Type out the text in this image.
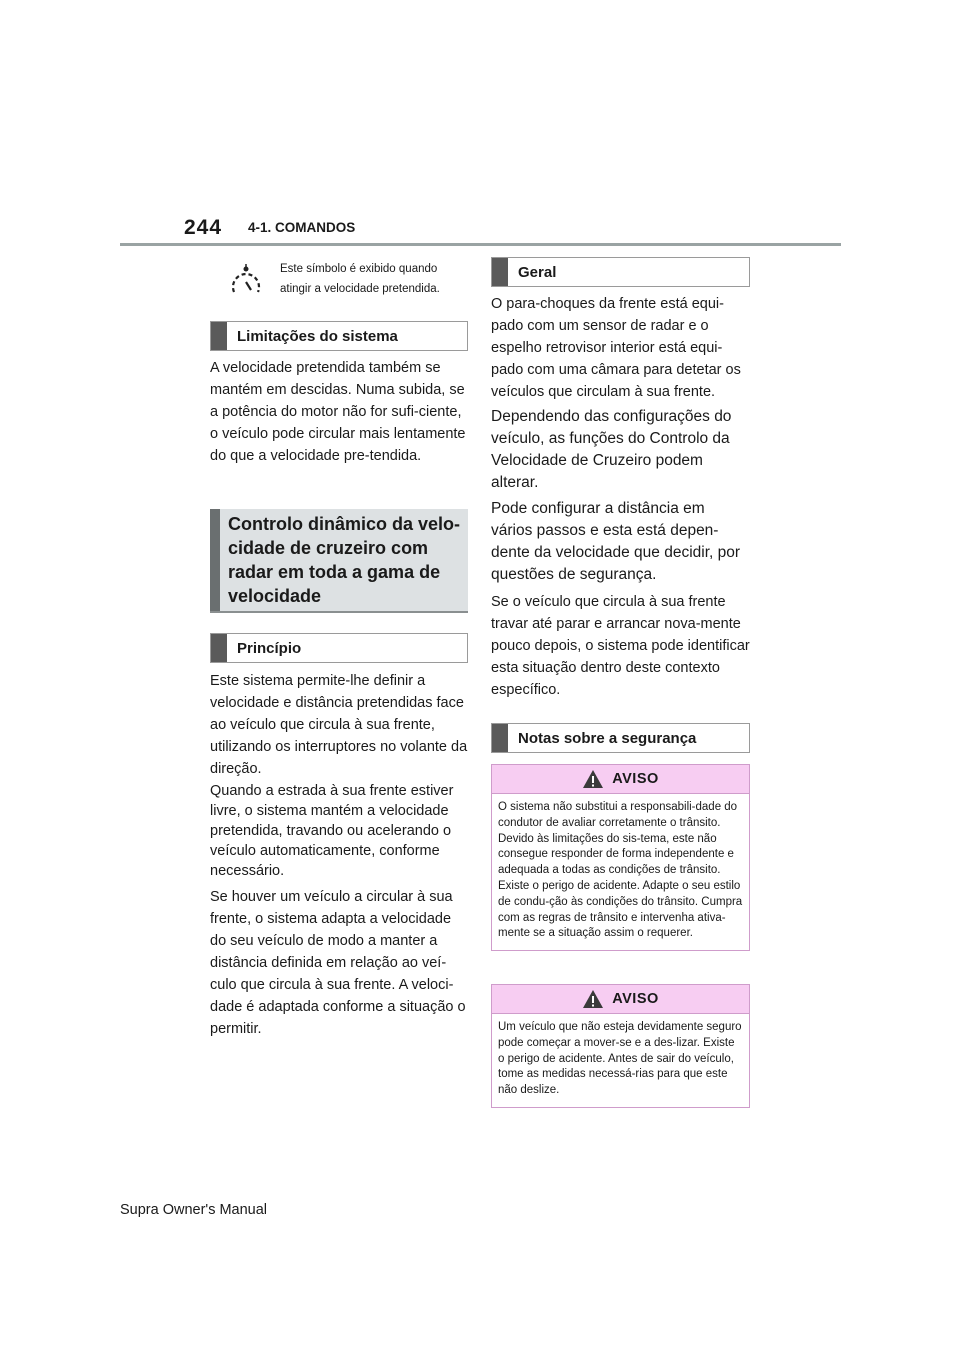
244 4-1. COMANDOS
Este símbolo é exibido quando atingir a velocidade pretendida.
Limitações do sistema
A velocidade pretendida também se mantém em descidas. Numa subida, se a potência do motor não for sufi-ciente, o veículo pode circular mais lentamente do que a velocidade pre-tendida.
Controlo dinâmico da velo-cidade de cruzeiro com radar em toda a gama de velocidade
Princípio
Este sistema permite-lhe definir a velocidade e distância pretendidas face ao veículo que circula à sua frente, utilizando os interruptores no volante da direção.
Quando a estrada à sua frente estiver livre, o sistema mantém a velocidade pretendida, travando ou acelerando o veículo automaticamente, conforme necessário.
Se houver um veículo a circular à sua frente, o sistema adapta a velocidade do seu veículo de modo a manter a distância definida em relação ao veí-culo que circula à sua frente. A veloci-dade é adaptada conforme a situação o permitir.
Geral
O para-choques da frente está equi-pado com um sensor de radar e o espelho retrovisor interior está equi-pado com uma câmara para detetar os veículos que circulam à sua frente.
Dependendo das configurações do veículo, as funções do Controlo da Velocidade de Cruzeiro podem alterar.
Pode configurar a distância em vários passos e esta está depen-dente da velocidade que decidir, por questões de segurança.
Se o veículo que circula à sua frente travar até parar e arrancar nova-mente pouco depois, o sistema pode identificar esta situação dentro deste contexto específico.
Notas sobre a segurança
AVISO
O sistema não substitui a responsabili-dade do condutor de avaliar corretamente o trânsito. Devido às limitações do sis-tema, este não consegue responder de forma independente e adequada a todas as condições de trânsito. Existe o perigo de acidente. Adapte o seu estilo de condu-ção às condições do trânsito. Cumpra com as regras de trânsito e intervenha ativa-mente se a situação assim o requerer.
AVISO
Um veículo que não esteja devidamente seguro pode começar a mover-se e a des-lizar. Existe o perigo de acidente. Antes de sair do veículo, tome as medidas necessá-rias para que este não deslize.
Supra Owner's Manual
